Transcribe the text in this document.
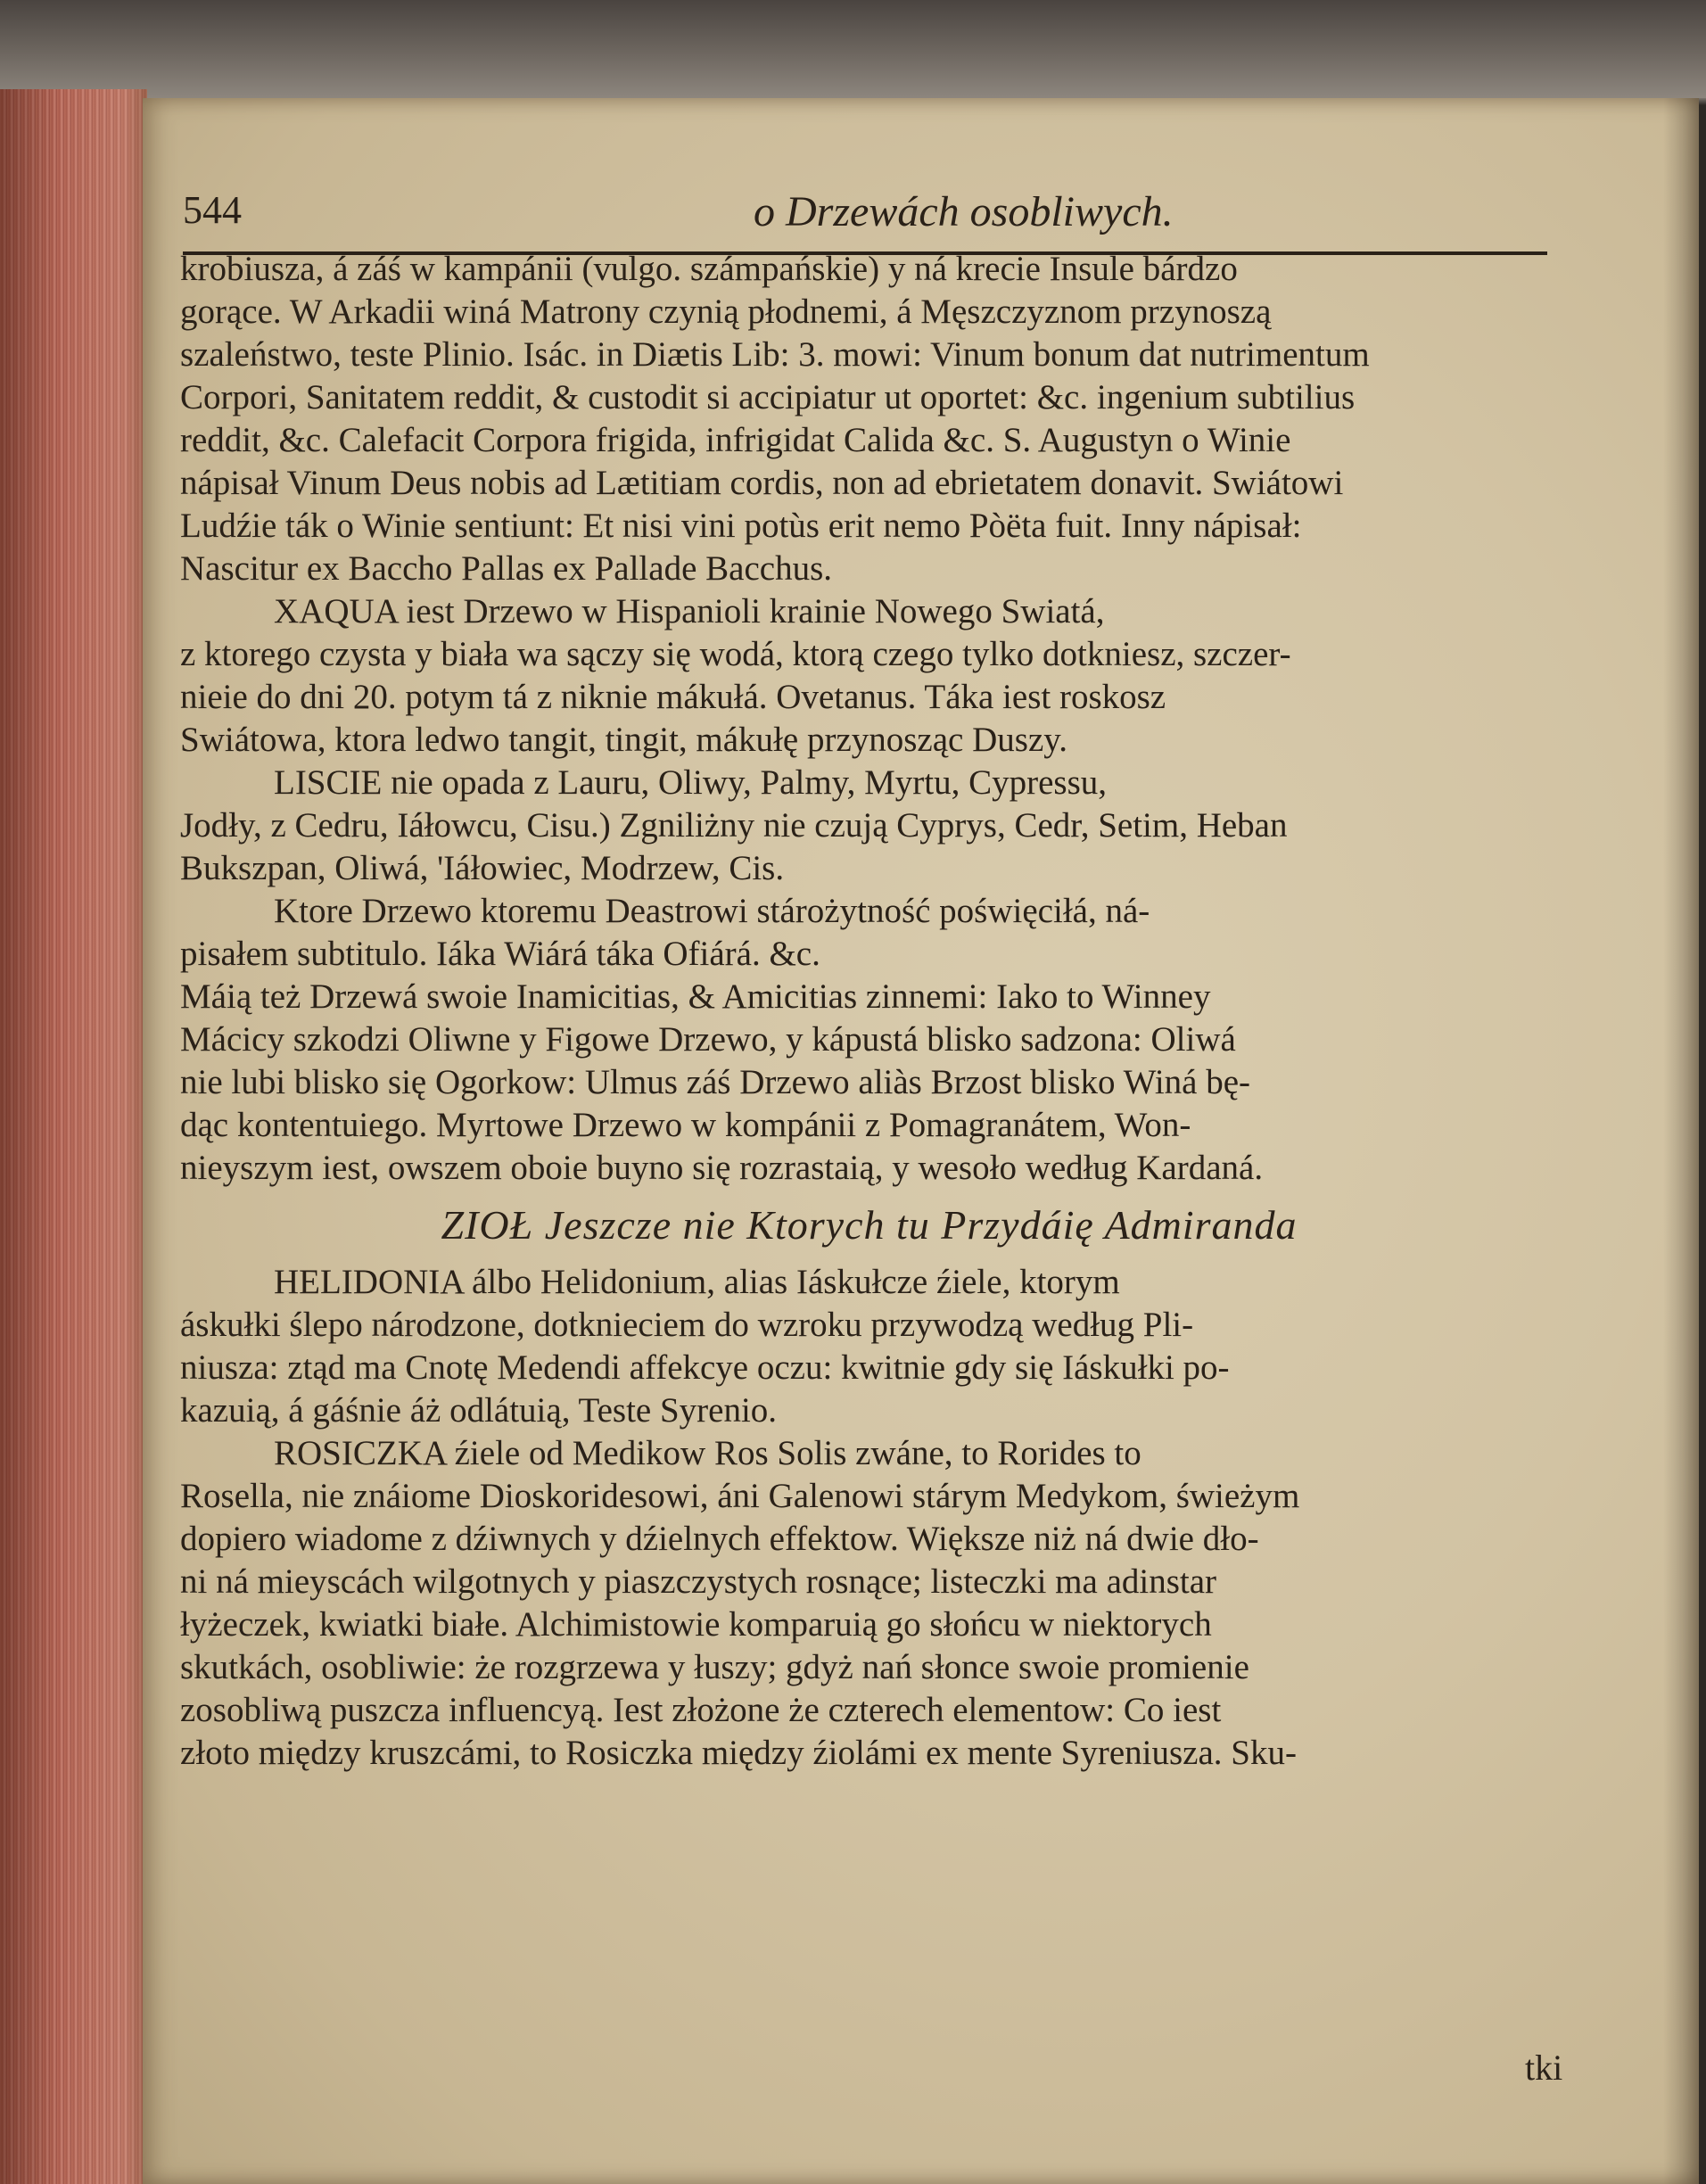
544	o Drzewách osobliwych.
krobiusza, á záś w kampánii (vulgo. számpańskie) y ná krecie Insule bárdzo
gorące. W Arkadii winá Matrony czynią płodnemi, á Męszczyznom przynoszą
szaleństwo, teste Plinio. Isác. in Diætis Lib: 3. mowi: Vinum bonum dat nutrimentum
Corpori, Sanitatem reddit, & custodit si accipiatur ut oportet: &c. ingenium subtilius
reddit, &c. Calefacit Corpora frigida, infrigidat Calida &c. S. Augustyn o Winie
nápisał Vinum Deus nobis ad Lætitiam cordis, non ad ebrietatem donavit. Swiátowi
Ludźie ták o Winie sentiunt: Et nisi vini potùs erit nemo Pòëta fuit. Inny nápisał:
Nascitur ex Baccho Pallas ex Pallade Bacchus.
XAQUA iest Drzewo w Hispanioli krainie Nowego Swiatá,
z ktorego czysta y biała wa sączy się wodá, ktorą czego tylko dotkniesz, szczer-
nieie do dni 20. potym tá z niknie mákułá. Ovetanus. Táka iest roskosz
Swiátowa, ktora ledwo tangit, tingit, mákułę przynosząc Duszy.
LISCIE nie opada z Lauru, Oliwy, Palmy, Myrtu, Cypressu,
Jodły, z Cedru, Iáłowcu, Cisu.) Zgniliżny nie czują Cyprys, Cedr, Setim, Heban
Bukszpan, Oliwá, 'Iáłowiec, Modrzew, Cis.
Ktore Drzewo ktoremu Deastrowi stárożytność poświęciłá, ná-
pisałem subtitulo. Iáka Wiárá táka Ofiárá. &c.
Máią też Drzewá swoie Inamicitias, & Amicitias zinnemi: Iako to Winney
Mácicy szkodzi Oliwne y Figowe Drzewo, y kápustá blisko sadzona: Oliwá
nie lubi blisko się Ogorkow: Ulmus záś Drzewo aliàs Brzost blisko Winá bę-
dąc kontentuiego. Myrtowe Drzewo w kompánii z Pomagranátem, Won-
nieyszym iest, owszem oboie buyno się rozrastaią, y wesoło według Kardaná.
ZIOŁ Jeszcze nie Ktorych tu Przydáię Admiranda
HELIDONIA álbo Helidonium, alias Iáskułcze źiele, ktorym
áskułki ślepo národzone, dotknieciem do wzroku przywodzą według Pli-
niusza: ztąd ma Cnotę Medendi affekcye oczu: kwitnie gdy się Iáskułki po-
kazuią, á gáśnie áż odlátuią, Teste Syrenio.
ROSICZKA źiele od Medikow Ros Solis zwáne, to Rorides to
Rosella, nie znáiome Dioskoridesowi, áni Galenowi stárym Medykom, świeżym
dopiero wiadome z dźiwnych y dźielnych effektow. Większe niż ná dwie dło-
ni ná mieyscách wilgotnych y piaszczystych rosnące; listeczki ma adinstar
łyżeczek, kwiatki białe. Alchimistowie komparuią go słońcu w niektorych
skutkách, osobliwie: że rozgrzewa y łuszy; gdyż nań słonce swoie promienie
zosobliwą puszcza influencyą. Iest złożone że czterech elementow: Co iest
złoto między kruszcámi, to Rosiczka między źiolámi ex mente Syreniusza. Sku-
tki
